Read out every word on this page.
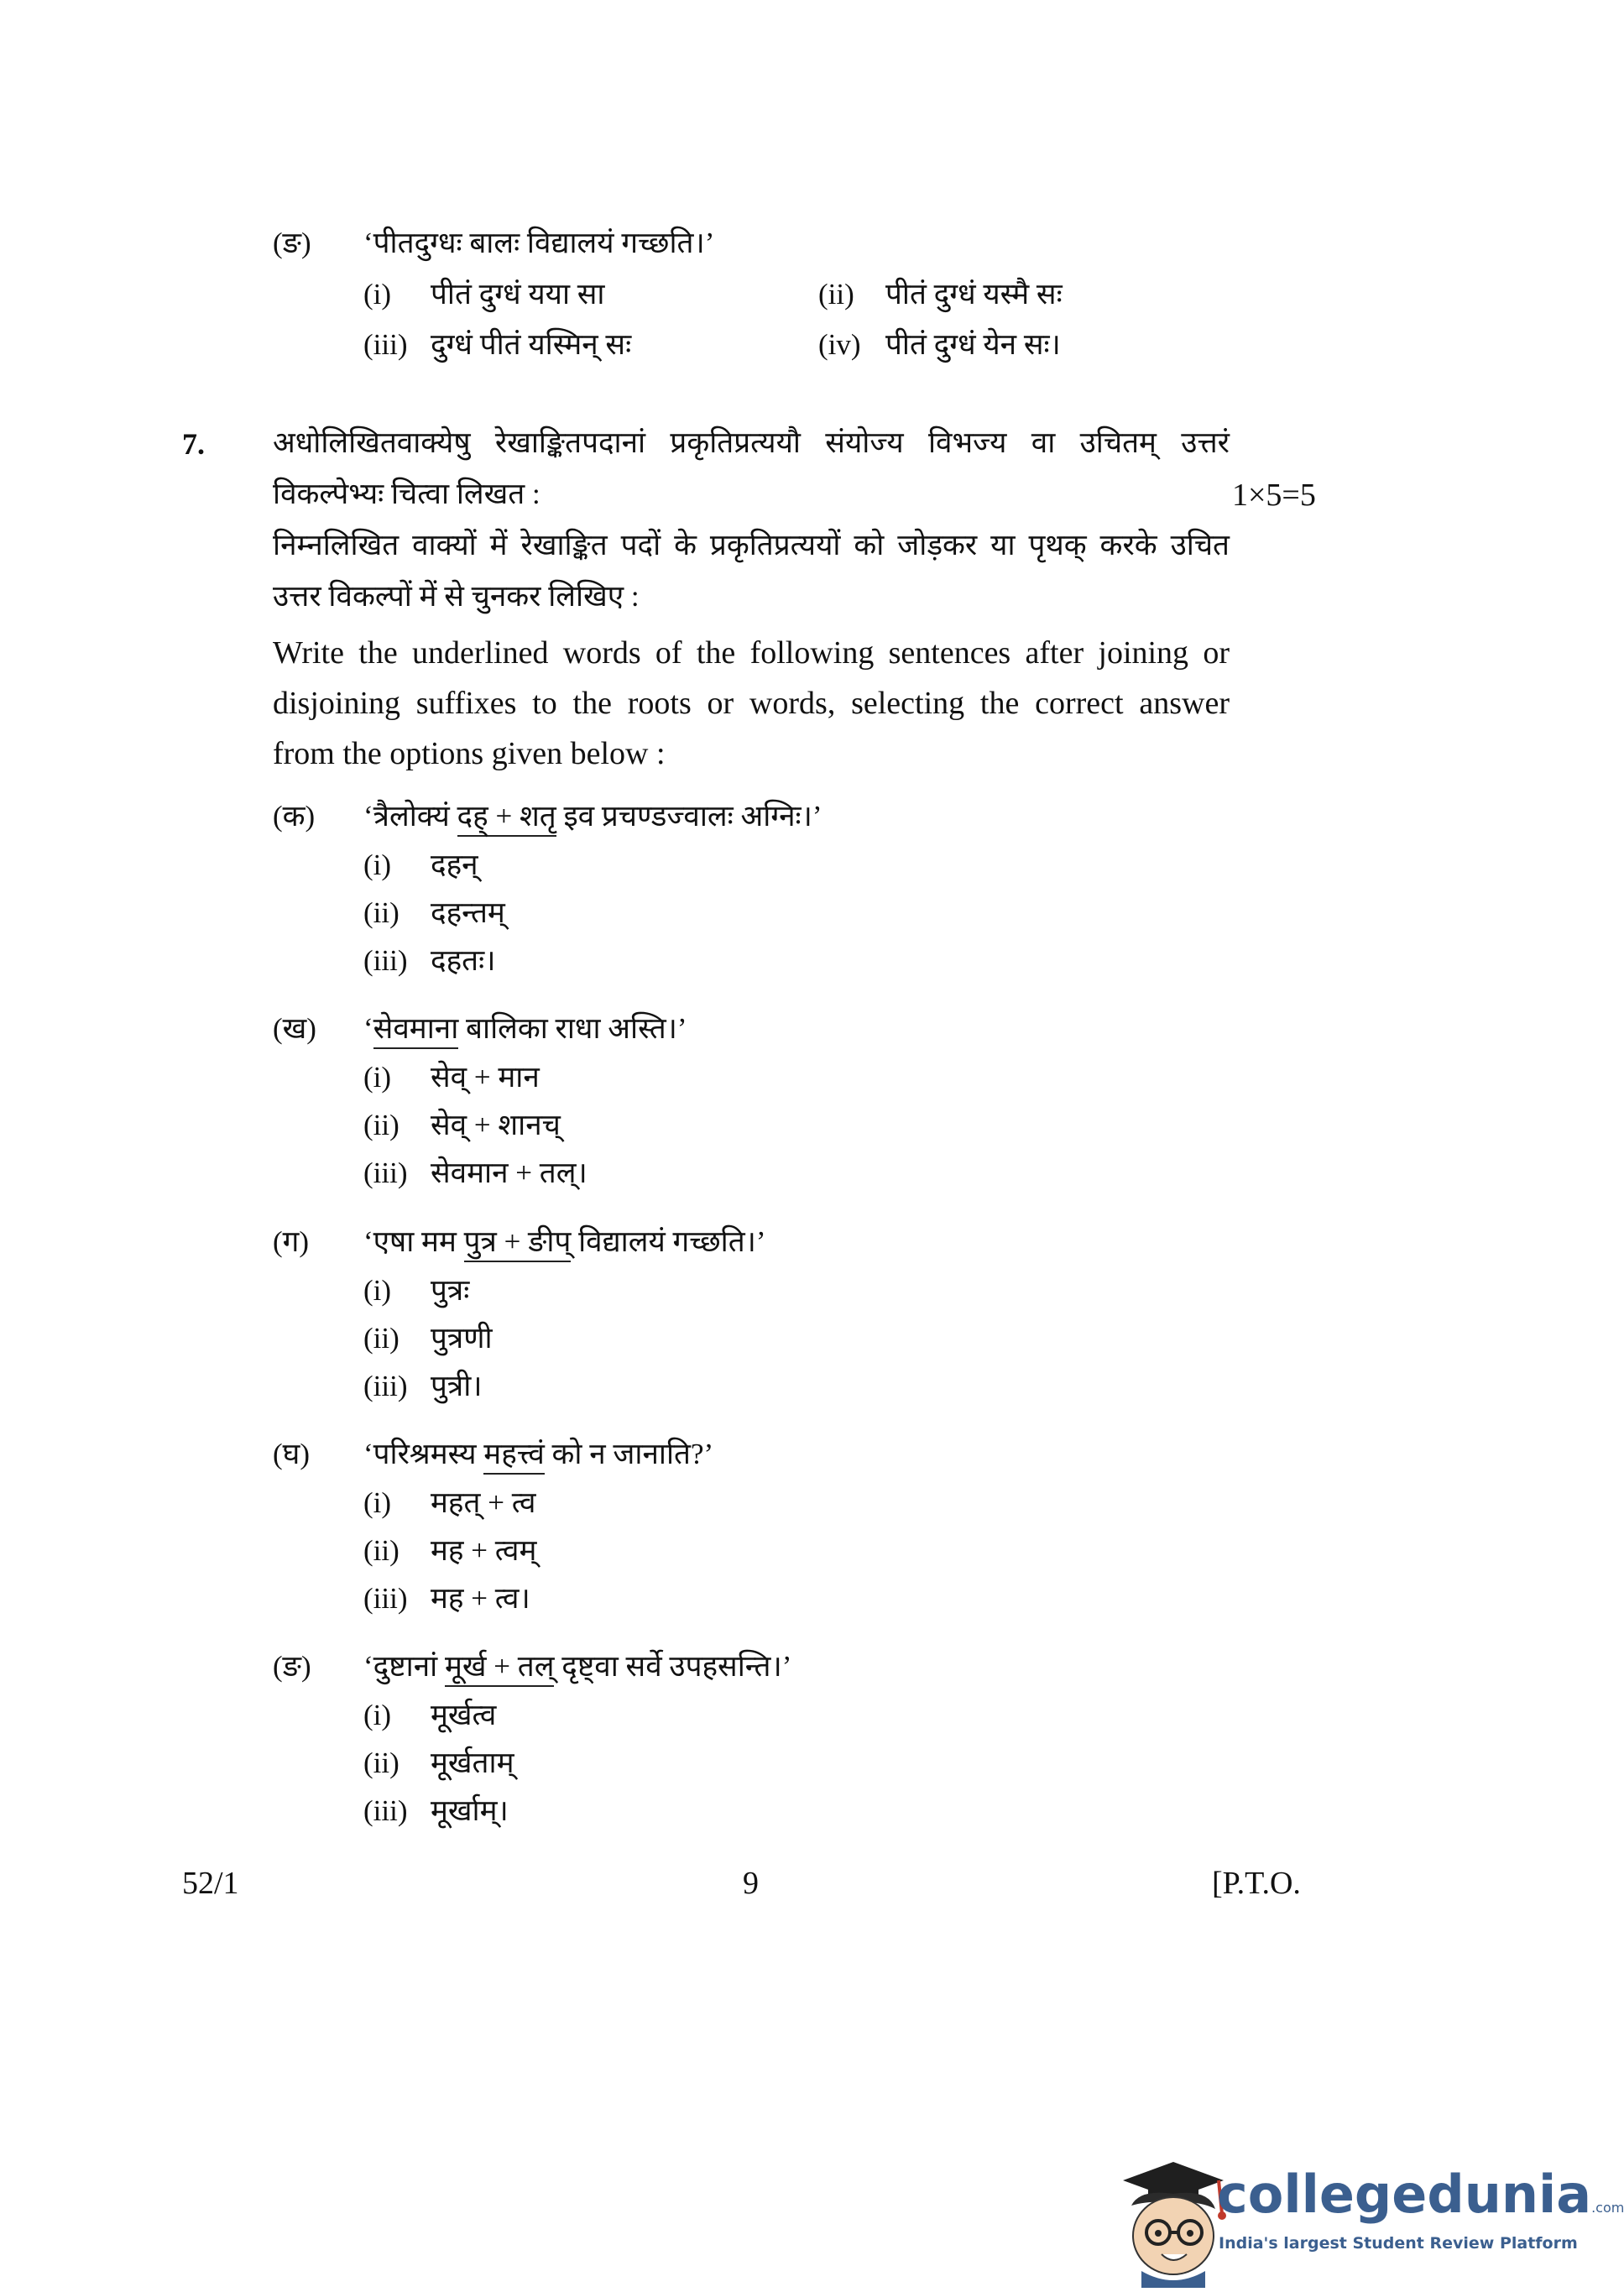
(ङ) ‘पीतदुग्धः बालः विद्यालयं गच्छति।’
(i) पीतं दुग्धं यया सा	(ii) पीतं दुग्धं यस्मै सः
(iii) दुग्धं पीतं यस्मिन् सः	(iv) पीतं दुग्धं येन सः।
7. अधोलिखितवाक्येषु रेखाङ्कितपदानां प्रकृतिप्रत्ययौ संयोज्य विभज्य वा उचितम् उत्तरं
विकल्पेभ्यः चित्वा लिखत :	1×5=5
निम्नलिखित वाक्यों में रेखाङ्कित पदों के प्रकृतिप्रत्ययों को जोड़कर या पृथक् करके उचित
उत्तर विकल्पों में से चुनकर लिखिए :
Write the underlined words of the following sentences after joining or
disjoining suffixes to the roots or words, selecting the correct answer
from the options given below :
(क) ‘त्रैलोक्यं दह् + शतृ इव प्रचण्डज्वालः अग्निः।’
(i) दहन्
(ii) दहन्तम्
(iii) दहतः।
(ख) ‘सेवमाना बालिका राधा अस्ति।’
(i) सेव् + मान
(ii) सेव् + शानच्
(iii) सेवमान + तल्।
(ग) ‘एषा मम पुत्र + ङीप् विद्यालयं गच्छति।’
(i) पुत्रः
(ii) पुत्रणी
(iii) पुत्री।
(घ) ‘परिश्रमस्य महत्त्वं को न जानाति?’
(i) महत् + त्व
(ii) मह + त्वम्
(iii) मह + त्व।
(ङ) ‘दुष्टानां मूर्ख + तल् दृष्ट्वा सर्वे उपहसन्ति।’
(i) मूर्खत्व
(ii) मूर्खताम्
(iii) मूर्खाम्।
52/1	9	[P.T.O.
collegedunia.com
India's largest Student Review Platform
